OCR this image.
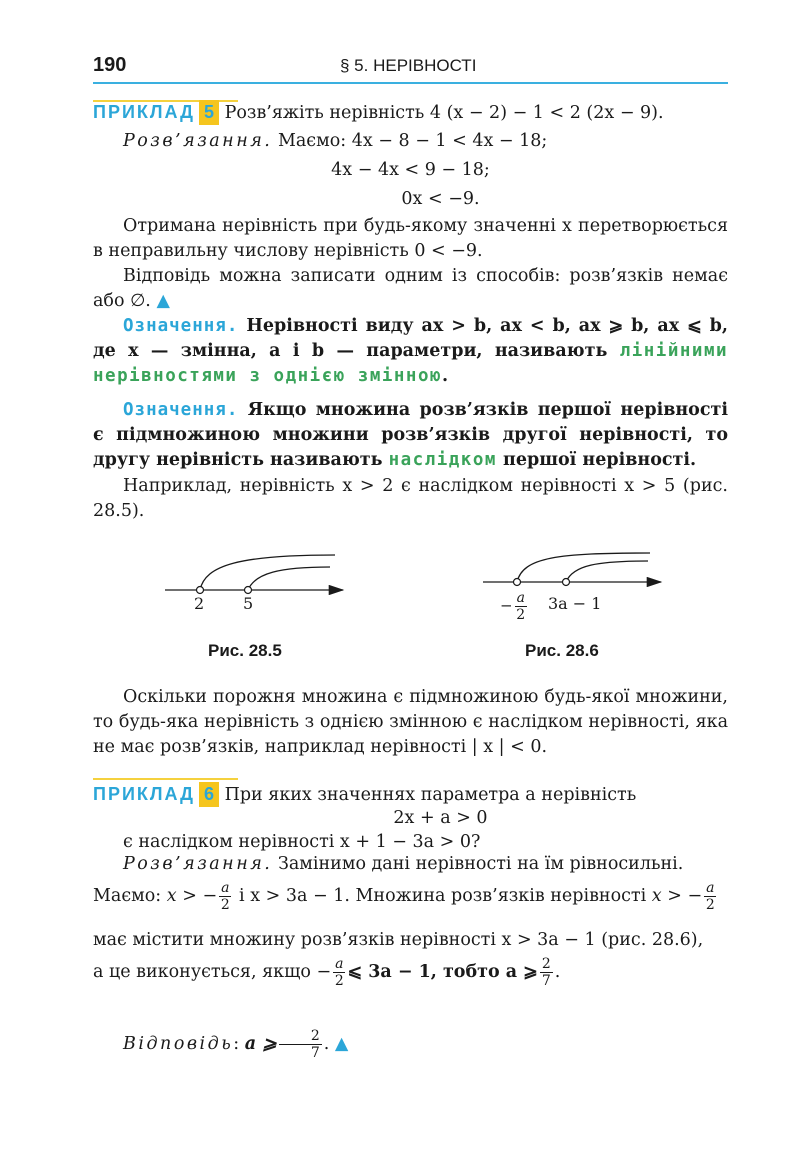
190	§ 5. НЕРІВНОСТІ
ПРИКЛАД 5 Розв’яжіть нерівність 4 (x − 2) − 1 < 2 (2x − 9).
Розв’язання. Маємо: 4x − 8 − 1 < 4x − 18;
4x − 4x < 9 − 18;
0x < −9.
Отримана нерівність при будь-якому значенні x перетворюється в неправильну числову нерівність 0 < −9.
Відповідь можна записати одним із способів: розв’язків немає або ∅. ▲
Означення. Нерівності виду ax > b, ax < b, ax ⩾ b, ax ⩽ b, де x — змінна, a і b — параметри, називають лінійними нерівностями з однією змінною.
Означення. Якщо множина розв’язків першої нерівності є підмножиною множини розв’язків другої нерівності, то другу нерівність називають наслідком першої нерівності.
Наприклад, нерівність x > 2 є наслідком нерівності x > 5 (рис. 28.5).
2 5
Рис. 28.5
− $\frac{a}{2} 3a - 1$
Рис. 28.6
Оскільки порожня множина є підмножиною будь-якої множини, то будь-яка нерівність з однією змінною є наслідком нерівності, яка не має розв’язків, наприклад нерівності | x | < 0.
ПРИКЛАД 6 При яких значеннях параметра a нерівність
2x + a > 0
є наслідком нерівності x + 1 − 3a > 0?
Розв’язання. Замінимо дані нерівності на їм рівносильні.
Маємо: x > − $\frac{a}{2}$ і x > 3a − 1. Множина розв’язків нерівності x > − $\frac{a}{2}$
має містити множину розв’язків нерівності x > 3a − 1 (рис. 28.6),
а це виконується, якщо − $\frac{a}{2}$ ⩽ 3a − 1, тобто a ⩾ $\frac{2}{7}$ .
Відповідь: a ⩾ $\frac{2}{7}$ . ▲
